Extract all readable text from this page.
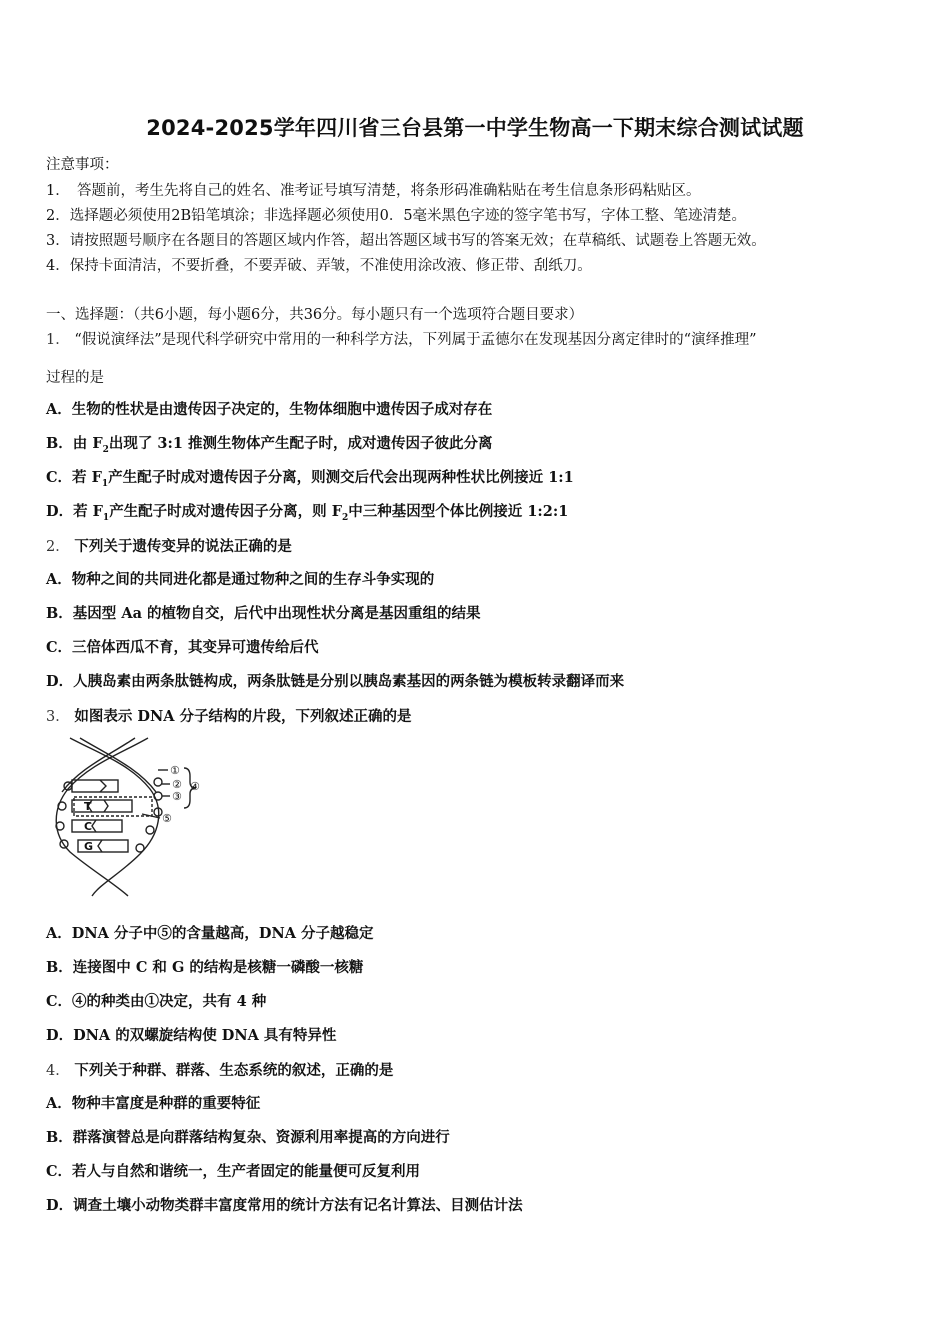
2024-2025学年四川省三台县第一中学生物高一下期末综合测试试题
注意事项：
1．　答题前，考生先将自己的姓名、准考证号填写清楚，将条形码准确粘贴在考生信息条形码粘贴区。
2．选择题必须使用2B铅笔填涂；非选择题必须使用0．5毫米黑色字迹的签字笔书写，字体工整、笔迹清楚。
3．请按照题号顺序在各题目的答题区域内作答，超出答题区域书写的答案无效；在草稿纸、试题卷上答题无效。
4．保持卡面清洁，不要折叠，不要弄破、弄皱，不准使用涂改液、修正带、刮纸刀。
一、选择题：（共6小题，每小题6分，共36分。每小题只有一个选项符合题目要求）
1． “假说演绎法”是现代科学研究中常用的一种科学方法，下列属于孟德尔在发现基因分离定律时的“演绎推理”
过程的是
A．生物的性状是由遗传因子决定的，生物体细胞中遗传因子成对存在
B．由 $F_2$出现了 3:1 推测生物体产生配子时，成对遗传因子彼此分离
C．若 $F_1$产生配子时成对遗传因子分离，则测交后代会出现两种性状比例接近 1:1
D．若 $F_1$产生配子时成对遗传因子分离，则 $F_2$中三种基因型个体比例接近 1:2:1
2． 下列关于遗传变异的说法正确的是
A．物种之间的共同进化都是通过物种之间的生存斗争实现的
B．基因型 Aa 的植物自交，后代中出现性状分离是基因重组的结果
C．三倍体西瓜不育，其变异可遗传给后代
D．人胰岛素由两条肽链构成，两条肽链是分别以胰岛素基因的两条链为模板转录翻译而来
3． 如图表示 DNA 分子结构的片段，下列叙述正确的是
①
②
③
④
⑤
T
C
G
A．DNA 分子中⑤的含量越高，DNA 分子越稳定
B．连接图中 C 和 G 的结构是核糖一磷酸一核糖
C．④的种类由①决定，共有 4 种
D．DNA 的双螺旋结构使 DNA 具有特异性
4． 下列关于种群、群落、生态系统的叙述，正确的是
A．物种丰富度是种群的重要特征
B．群落演替总是向群落结构复杂、资源利用率提高的方向进行
C．若人与自然和谐统一，生产者固定的能量便可反复利用
D．调查土壤小动物类群丰富度常用的统计方法有记名计算法、目测估计法
